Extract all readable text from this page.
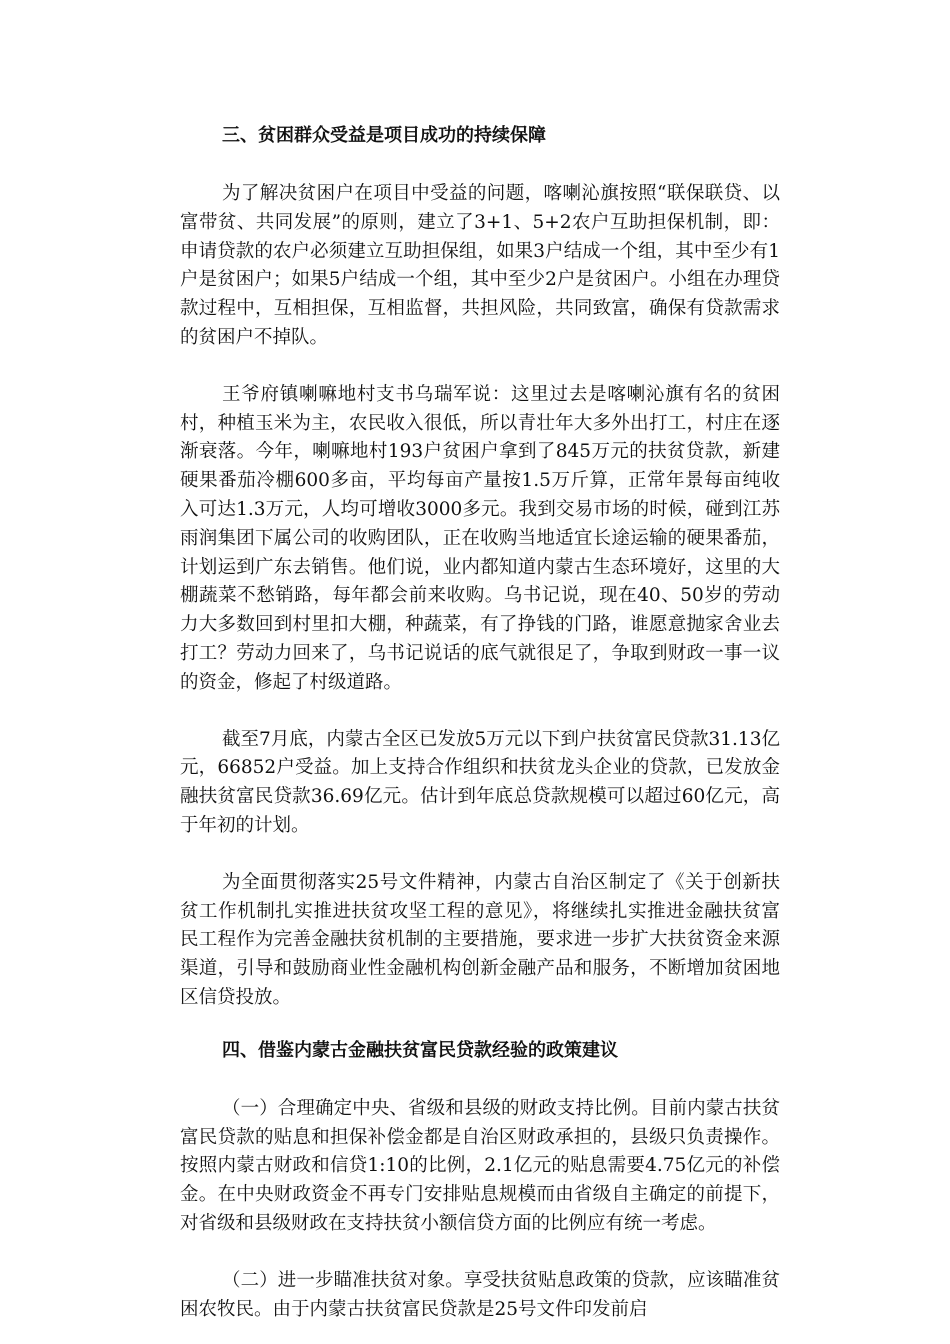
三、贫困群众受益是项目成功的持续保障

为了解决贫困户在项目中受益的问题，喀喇沁旗按照“联保联贷、以富带贫、共同发展”的原则，建立了3+1、5+2农户互助担保机制，即：申请贷款的农户必须建立互助担保组，如果3户结成一个组，其中至少有1户是贫困户；如果5户结成一个组，其中至少2户是贫困户。小组在办理贷款过程中，互相担保，互相监督，共担风险，共同致富，确保有贷款需求的贫困户不掉队。

王爷府镇喇嘛地村支书乌瑞军说：这里过去是喀喇沁旗有名的贫困村，种植玉米为主，农民收入很低，所以青壮年大多外出打工，村庄在逐渐衰落。今年，喇嘛地村193户贫困户拿到了845万元的扶贫贷款，新建硬果番茄冷棚600多亩，平均每亩产量按1.5万斤算，正常年景每亩纯收入可达1.3万元，人均可增收3000多元。我到交易市场的时候，碰到江苏雨润集团下属公司的收购团队，正在收购当地适宜长途运输的硬果番茄，计划运到广东去销售。他们说，业内都知道内蒙古生态环境好，这里的大棚蔬菜不愁销路，每年都会前来收购。乌书记说，现在40、50岁的劳动力大多数回到村里扣大棚，种蔬菜，有了挣钱的门路，谁愿意抛家舍业去打工？劳动力回来了，乌书记说话的底气就很足了，争取到财政一事一议的资金，修起了村级道路。

截至7月底，内蒙古全区已发放5万元以下到户扶贫富民贷款31.13亿元，66852户受益。加上支持合作组织和扶贫龙头企业的贷款，已发放金融扶贫富民贷款36.69亿元。估计到年底总贷款规模可以超过60亿元，高于年初的计划。

为全面贯彻落实25号文件精神，内蒙古自治区制定了《关于创新扶贫工作机制扎实推进扶贫攻坚工程的意见》，将继续扎实推进金融扶贫富民工程作为完善金融扶贫机制的主要措施，要求进一步扩大扶贫资金来源渠道，引导和鼓励商业性金融机构创新金融产品和服务，不断增加贫困地区信贷投放。

四、借鉴内蒙古金融扶贫富民贷款经验的政策建议

（一）合理确定中央、省级和县级的财政支持比例。目前内蒙古扶贫富民贷款的贴息和担保补偿金都是自治区财政承担的，县级只负责操作。按照内蒙古财政和信贷1:10的比例，2.1亿元的贴息需要4.75亿元的补偿金。在中央财政资金不再专门安排贴息规模而由省级自主确定的前提下，对省级和县级财政在支持扶贫小额信贷方面的比例应有统一考虑。

（二）进一步瞄准扶贫对象。享受扶贫贴息政策的贷款，应该瞄准贫困农牧民。由于内蒙古扶贫富民贷款是25号文件印发前启
